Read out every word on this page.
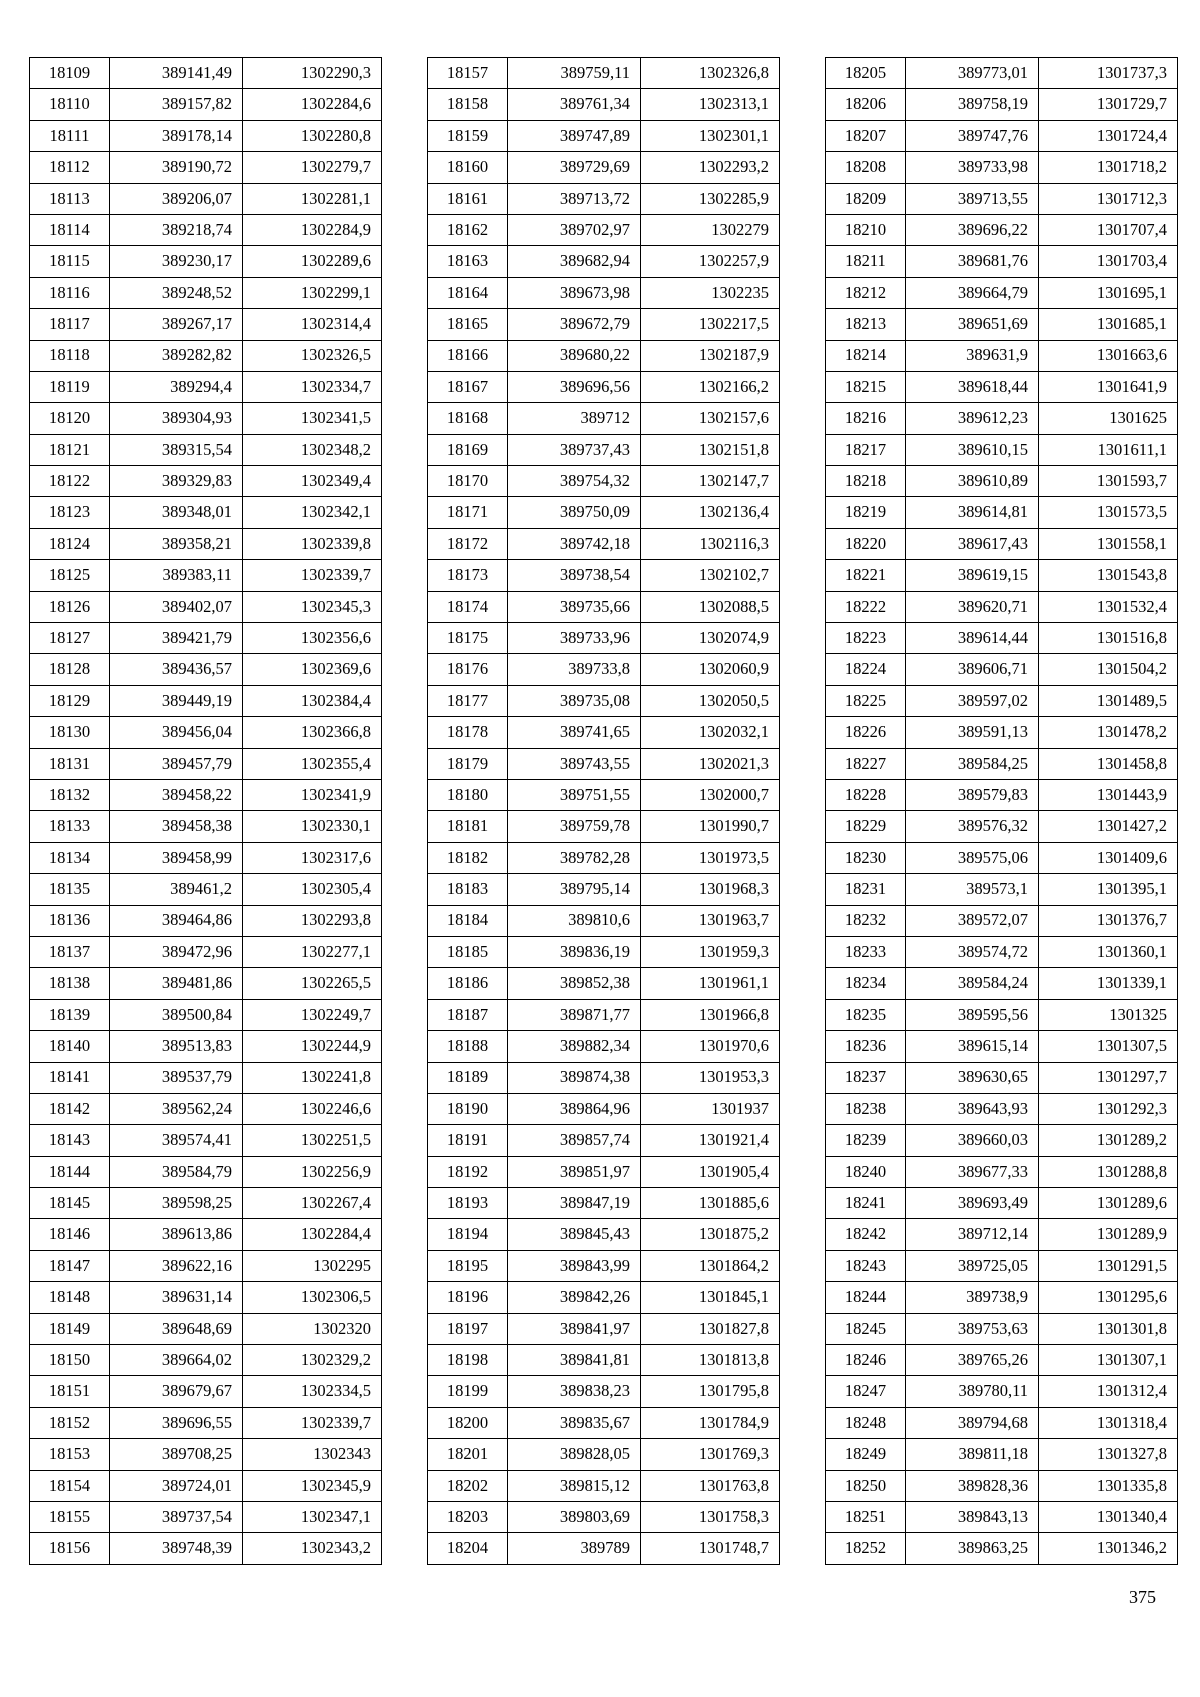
18109	389141,49	1302290,3
18110	389157,82	1302284,6
18111	389178,14	1302280,8
18112	389190,72	1302279,7
18113	389206,07	1302281,1
18114	389218,74	1302284,9
18115	389230,17	1302289,6
18116	389248,52	1302299,1
18117	389267,17	1302314,4
18118	389282,82	1302326,5
18119	389294,4	1302334,7
18120	389304,93	1302341,5
18121	389315,54	1302348,2
18122	389329,83	1302349,4
18123	389348,01	1302342,1
18124	389358,21	1302339,8
18125	389383,11	1302339,7
18126	389402,07	1302345,3
18127	389421,79	1302356,6
18128	389436,57	1302369,6
18129	389449,19	1302384,4
18130	389456,04	1302366,8
18131	389457,79	1302355,4
18132	389458,22	1302341,9
18133	389458,38	1302330,1
18134	389458,99	1302317,6
18135	389461,2	1302305,4
18136	389464,86	1302293,8
18137	389472,96	1302277,1
18138	389481,86	1302265,5
18139	389500,84	1302249,7
18140	389513,83	1302244,9
18141	389537,79	1302241,8
18142	389562,24	1302246,6
18143	389574,41	1302251,5
18144	389584,79	1302256,9
18145	389598,25	1302267,4
18146	389613,86	1302284,4
18147	389622,16	1302295
18148	389631,14	1302306,5
18149	389648,69	1302320
18150	389664,02	1302329,2
18151	389679,67	1302334,5
18152	389696,55	1302339,7
18153	389708,25	1302343
18154	389724,01	1302345,9
18155	389737,54	1302347,1
18156	389748,39	1302343,2
18157	389759,11	1302326,8
18158	389761,34	1302313,1
18159	389747,89	1302301,1
18160	389729,69	1302293,2
18161	389713,72	1302285,9
18162	389702,97	1302279
18163	389682,94	1302257,9
18164	389673,98	1302235
18165	389672,79	1302217,5
18166	389680,22	1302187,9
18167	389696,56	1302166,2
18168	389712	1302157,6
18169	389737,43	1302151,8
18170	389754,32	1302147,7
18171	389750,09	1302136,4
18172	389742,18	1302116,3
18173	389738,54	1302102,7
18174	389735,66	1302088,5
18175	389733,96	1302074,9
18176	389733,8	1302060,9
18177	389735,08	1302050,5
18178	389741,65	1302032,1
18179	389743,55	1302021,3
18180	389751,55	1302000,7
18181	389759,78	1301990,7
18182	389782,28	1301973,5
18183	389795,14	1301968,3
18184	389810,6	1301963,7
18185	389836,19	1301959,3
18186	389852,38	1301961,1
18187	389871,77	1301966,8
18188	389882,34	1301970,6
18189	389874,38	1301953,3
18190	389864,96	1301937
18191	389857,74	1301921,4
18192	389851,97	1301905,4
18193	389847,19	1301885,6
18194	389845,43	1301875,2
18195	389843,99	1301864,2
18196	389842,26	1301845,1
18197	389841,97	1301827,8
18198	389841,81	1301813,8
18199	389838,23	1301795,8
18200	389835,67	1301784,9
18201	389828,05	1301769,3
18202	389815,12	1301763,8
18203	389803,69	1301758,3
18204	389789	1301748,7
18205	389773,01	1301737,3
18206	389758,19	1301729,7
18207	389747,76	1301724,4
18208	389733,98	1301718,2
18209	389713,55	1301712,3
18210	389696,22	1301707,4
18211	389681,76	1301703,4
18212	389664,79	1301695,1
18213	389651,69	1301685,1
18214	389631,9	1301663,6
18215	389618,44	1301641,9
18216	389612,23	1301625
18217	389610,15	1301611,1
18218	389610,89	1301593,7
18219	389614,81	1301573,5
18220	389617,43	1301558,1
18221	389619,15	1301543,8
18222	389620,71	1301532,4
18223	389614,44	1301516,8
18224	389606,71	1301504,2
18225	389597,02	1301489,5
18226	389591,13	1301478,2
18227	389584,25	1301458,8
18228	389579,83	1301443,9
18229	389576,32	1301427,2
18230	389575,06	1301409,6
18231	389573,1	1301395,1
18232	389572,07	1301376,7
18233	389574,72	1301360,1
18234	389584,24	1301339,1
18235	389595,56	1301325
18236	389615,14	1301307,5
18237	389630,65	1301297,7
18238	389643,93	1301292,3
18239	389660,03	1301289,2
18240	389677,33	1301288,8
18241	389693,49	1301289,6
18242	389712,14	1301289,9
18243	389725,05	1301291,5
18244	389738,9	1301295,6
18245	389753,63	1301301,8
18246	389765,26	1301307,1
18247	389780,11	1301312,4
18248	389794,68	1301318,4
18249	389811,18	1301327,8
18250	389828,36	1301335,8
18251	389843,13	1301340,4
18252	389863,25	1301346,2
375
